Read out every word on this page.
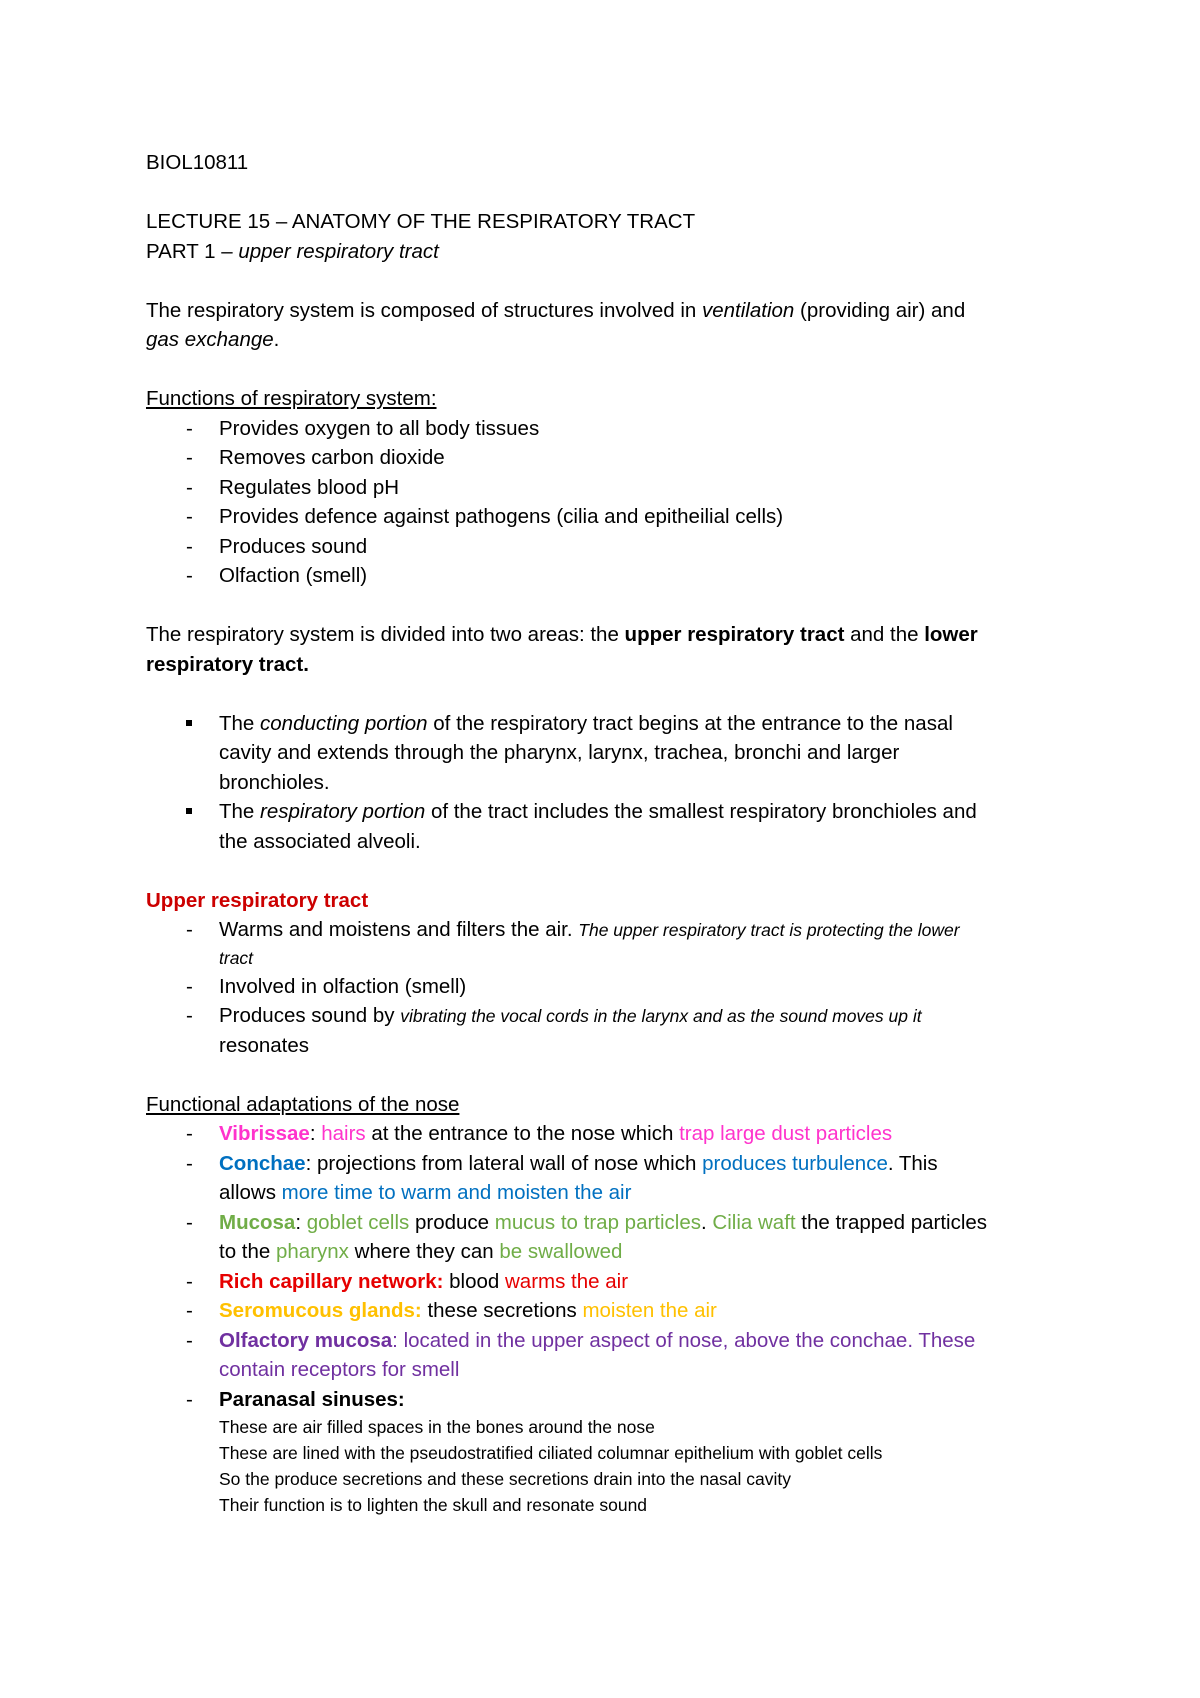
BIOL10811
LECTURE 15 – ANATOMY OF THE RESPIRATORY TRACT
PART 1 – upper respiratory tract
The respiratory system is composed of structures involved in ventilation (providing air) and
gas exchange.
Functions of respiratory system:
- Provides oxygen to all body tissues
- Removes carbon dioxide
- Regulates blood pH
- Provides defence against pathogens (cilia and epitheilial cells)
- Produces sound
- Olfaction (smell)
The respiratory system is divided into two areas: the upper respiratory tract and the lower
respiratory tract.
The conducting portion of the respiratory tract begins at the entrance to the nasal
cavity and extends through the pharynx, larynx, trachea, bronchi and larger
bronchioles.
The respiratory portion of the tract includes the smallest respiratory bronchioles and
the associated alveoli.
Upper respiratory tract
- Warms and moistens and filters the air. The upper respiratory tract is protecting the lower
tract
- Involved in olfaction (smell)
- Produces sound by vibrating the vocal cords in the larynx and as the sound moves up it
resonates
Functional adaptations of the nose
- Vibrissae: hairs at the entrance to the nose which trap large dust particles
- Conchae: projections from lateral wall of nose which produces turbulence. This
allows more time to warm and moisten the air
- Mucosa: goblet cells produce mucus to trap particles. Cilia waft the trapped particles
to the pharynx where they can be swallowed
- Rich capillary network: blood warms the air
- Seromucous glands: these secretions moisten the air
- Olfactory mucosa: located in the upper aspect of nose, above the conchae. These
contain receptors for smell
- Paranasal sinuses:
These are air filled spaces in the bones around the nose
These are lined with the pseudostratified ciliated columnar epithelium with goblet cells
So the produce secretions and these secretions drain into the nasal cavity
Their function is to lighten the skull and resonate sound
